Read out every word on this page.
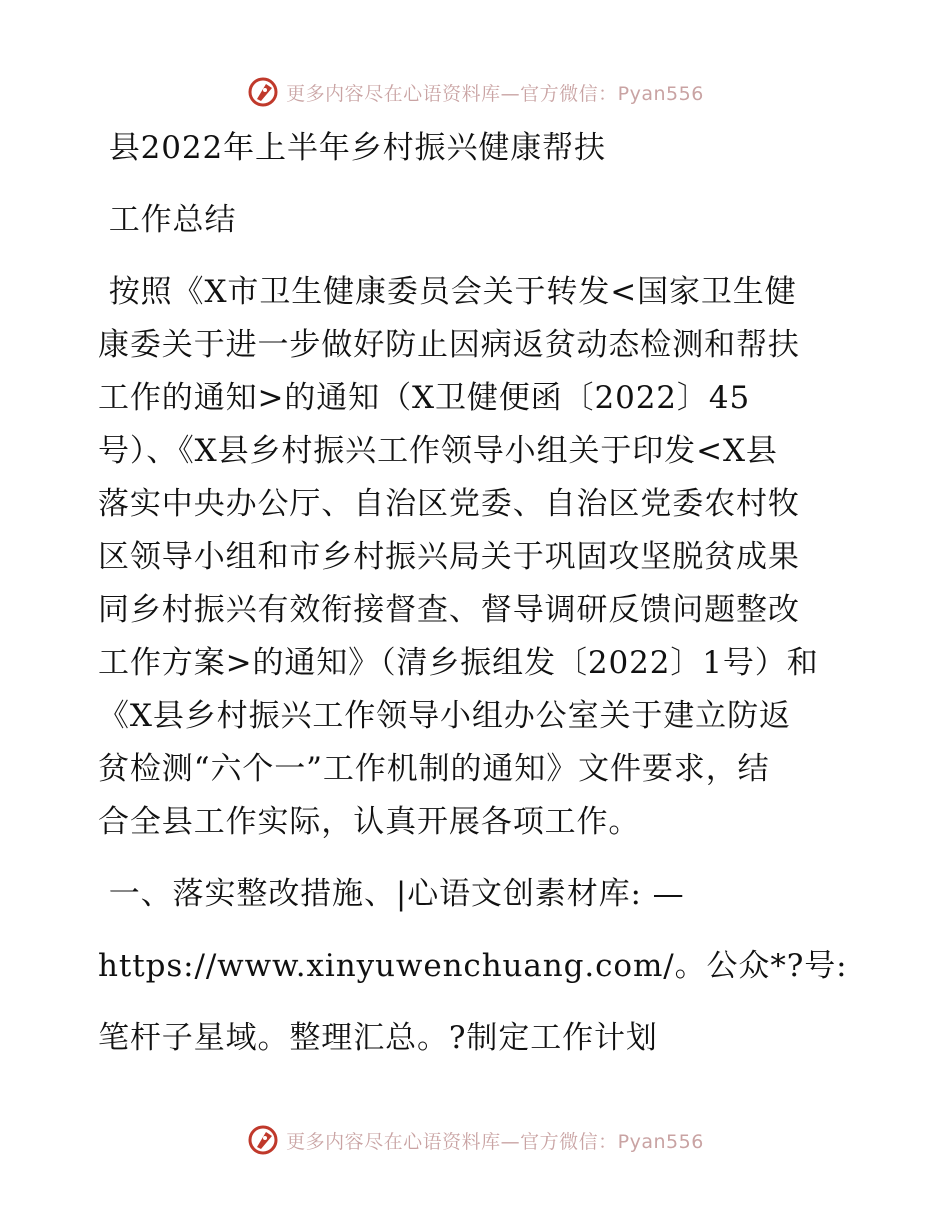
更多内容尽在心语资料库—官方微信：Pyan556
县2022年上半年乡村振兴健康帮扶
工作总结
按照《X市卫生健康委员会关于转发<国家卫生健
康委关于进一步做好防止因病返贫动态检测和帮扶
工作的通知>的通知（X卫健便函〔2022〕45
号）、《X县乡村振兴工作领导小组关于印发<X县
落实中央办公厅、自治区党委、自治区党委农村牧
区领导小组和市乡村振兴局关于巩固攻坚脱贫成果
同乡村振兴有效衔接督查、督导调研反馈问题整改
工作方案>的通知》（清乡振组发〔2022〕1号）和
《X县乡村振兴工作领导小组办公室关于建立防返
贫检测“六个一”工作机制的通知》文件要求，结
合全县工作实际，认真开展各项工作。
一、落实整改措施、|心语文创素材库: —
https://www.xinyuwenchuang.com/。公众*?号:
笔杆子星域。整理汇总。?制定工作计划
更多内容尽在心语资料库—官方微信：Pyan556
